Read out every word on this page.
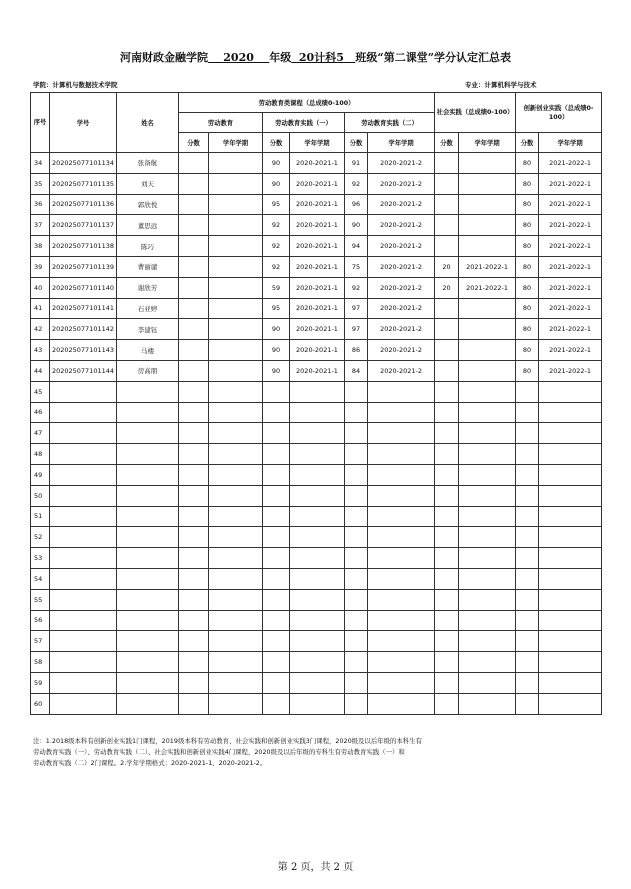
河南财政金融学院 2020 年级 20计科5 班级“第二课堂”学分认定汇总表
学院：计算机与数据技术学院	专业：计算机科学与技术
序号	学号	姓名	劳动教育类课程（总成绩0-100）						社会实践（总成绩0-100）		创新创业实践（总成绩0-100）	
			劳动教育		劳动教育实践（一）		劳动教育实践（二）					
			分数	学年学期	分数	学年学期	分数	学年学期	分数	学年学期	分数	学年学期
34	202025077101134	张备航			90	2020-2021-1	91	2020-2021-2			80	2021-2022-1
35	202025077101135	刘天			90	2020-2021-1	92	2020-2021-2			80	2021-2022-1
36	202025077101136	郭欣悦			95	2020-2021-1	96	2020-2021-2			80	2021-2022-1
37	202025077101137	董思远			92	2020-2021-1	90	2020-2021-2			80	2021-2022-1
38	202025077101138	陈巧			92	2020-2021-1	94	2020-2021-2			80	2021-2022-1
39	202025077101139	曹丽谴			92	2020-2021-1	75	2020-2021-2	20	2021-2022-1	80	2021-2022-1
40	202025077101140	谢欣芳			59	2020-2021-1	92	2020-2021-2	20	2021-2022-1	80	2021-2022-1
41	202025077101141	石亚婷			95	2020-2021-1	97	2020-2021-2			80	2021-2022-1
42	202025077101142	李建钰			90	2020-2021-1	97	2020-2021-2			80	2021-2022-1
43	202025077101143	马楼			90	2020-2021-1	86	2020-2021-2			80	2021-2022-1
44	202025077101144	房高朋			90	2020-2021-1	84	2020-2021-2			80	2021-2022-1
45												
46												
47												
48												
49												
50												
51												
52												
53												
54												
55												
56												
57												
58												
59												
60												
注：1.2018级本科有创新创业实践1门课程，2019级本科有劳动教育、社会实践和创新创业实践3门课程，2020级及以后年级的本科生有
劳动教育实践（一）、劳动教育实践（二）、社会实践和创新创业实践4门课程，2020级及以后年级的专科生有劳动教育实践（一）和
劳动教育实践（二）2门课程。2.学年学期格式：2020-2021-1、2020-2021-2。
第 2 页，共 2 页
